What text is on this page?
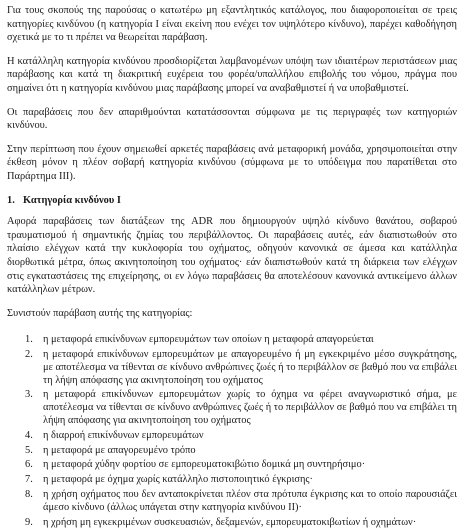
Για τους σκοπούς της παρούσας ο κατωτέρω μη εξαντλητικός κατάλογος, που διαφοροποιείται σε τρεις κατηγορίες κινδύνου (η κατηγορία I είναι εκείνη που ενέχει τον υψηλότερο κίνδυνο), παρέχει καθοδήγηση σχετικά με το τι πρέπει να θεωρείται παράβαση.

Η κατάλληλη κατηγορία κινδύνου προσδιορίζεται λαμβανομένων υπόψη των ιδιαιτέρων περιστάσεων μιας παράβασης και κατά τη διακριτική ευχέρεια του φορέα/υπαλλήλου επιβολής του νόμου, πράγμα που σημαίνει ότι η κατηγορία κινδύνου μιας παράβασης μπορεί να αναβαθμιστεί ή να υποβαθμιστεί.

Οι παραβάσεις που δεν απαριθμούνται κατατάσσονται σύμφωνα με τις περιγραφές των κατηγοριών κινδύνου.

Στην περίπτωση που έχουν σημειωθεί αρκετές παραβάσεις ανά μεταφορική μονάδα, χρησιμοποιείται στην έκθεση μόνον η πλέον σοβαρή κατηγορία κινδύνου (σύμφωνα με το υπόδειγμα που παρατίθεται στο Παράρτημα III).

1. Κατηγορία κινδύνου I

Αφορά παραβάσεις των διατάξεων της ADR που δημιουργούν υψηλό κίνδυνο θανάτου, σοβαρού τραυματισμού ή σημαντικής ζημίας του περιβάλλοντος. Οι παραβάσεις αυτές, εάν διαπιστωθούν στο πλαίσιο ελέγχων κατά την κυκλοφορία του οχήματος, οδηγούν κανονικά σε άμεσα και κατάλληλα διορθωτικά μέτρα, όπως ακινητοποίηση του οχήματος· εάν διαπιστωθούν κατά τη διάρκεια των ελέγχων στις εγκαταστάσεις της επιχείρησης, οι εν λόγω παραβάσεις θα αποτελέσουν κανονικά αντικείμενο άλλων κατάλληλων μέτρων.

Συνιστούν παράβαση αυτής της κατηγορίας:

1. η μεταφορά επικίνδυνων εμπορευμάτων των οποίων η μεταφορά απαγορεύεται
2. η μεταφορά επικίνδυνων εμπορευμάτων με απαγορευμένο ή μη εγκεκριμένο μέσο συγκράτησης, με αποτέλεσμα να τίθενται σε κίνδυνο ανθρώπινες ζωές ή το περιβάλλον σε βαθμό που να επιβάλει τη λήψη απόφασης για ακινητοποίηση του οχήματος
3. η μεταφορά επικίνδυνων εμπορευμάτων χωρίς το όχημα να φέρει αναγνωριστικό σήμα, με αποτέλεσμα να τίθενται σε κίνδυνο ανθρώπινες ζωές ή το περιβάλλον σε βαθμό που να επιβάλει τη λήψη απόφασης για ακινητοποίηση του οχήματος
4. η διαρροή επικίνδυνων εμπορευμάτων
5. η μεταφορά με απαγορευμένο τρόπο
6. η μεταφορά χύδην φορτίου σε εμπορευματοκιβώτιο δομικά μη συντηρήσιμο·
7. η μεταφορά με όχημα χωρίς κατάλληλο πιστοποιητικό έγκρισης·
8. η χρήση οχήματος που δεν ανταποκρίνεται πλέον στα πρότυπα έγκρισης και το οποίο παρουσιάζει άμεσο κίνδυνο (άλλως υπάγεται στην κατηγορία κινδύνου II)·
9. η χρήση μη εγκεκριμένων συσκευασιών, δεξαμενών, εμπορευματοκιβωτίων ή οχημάτων·
